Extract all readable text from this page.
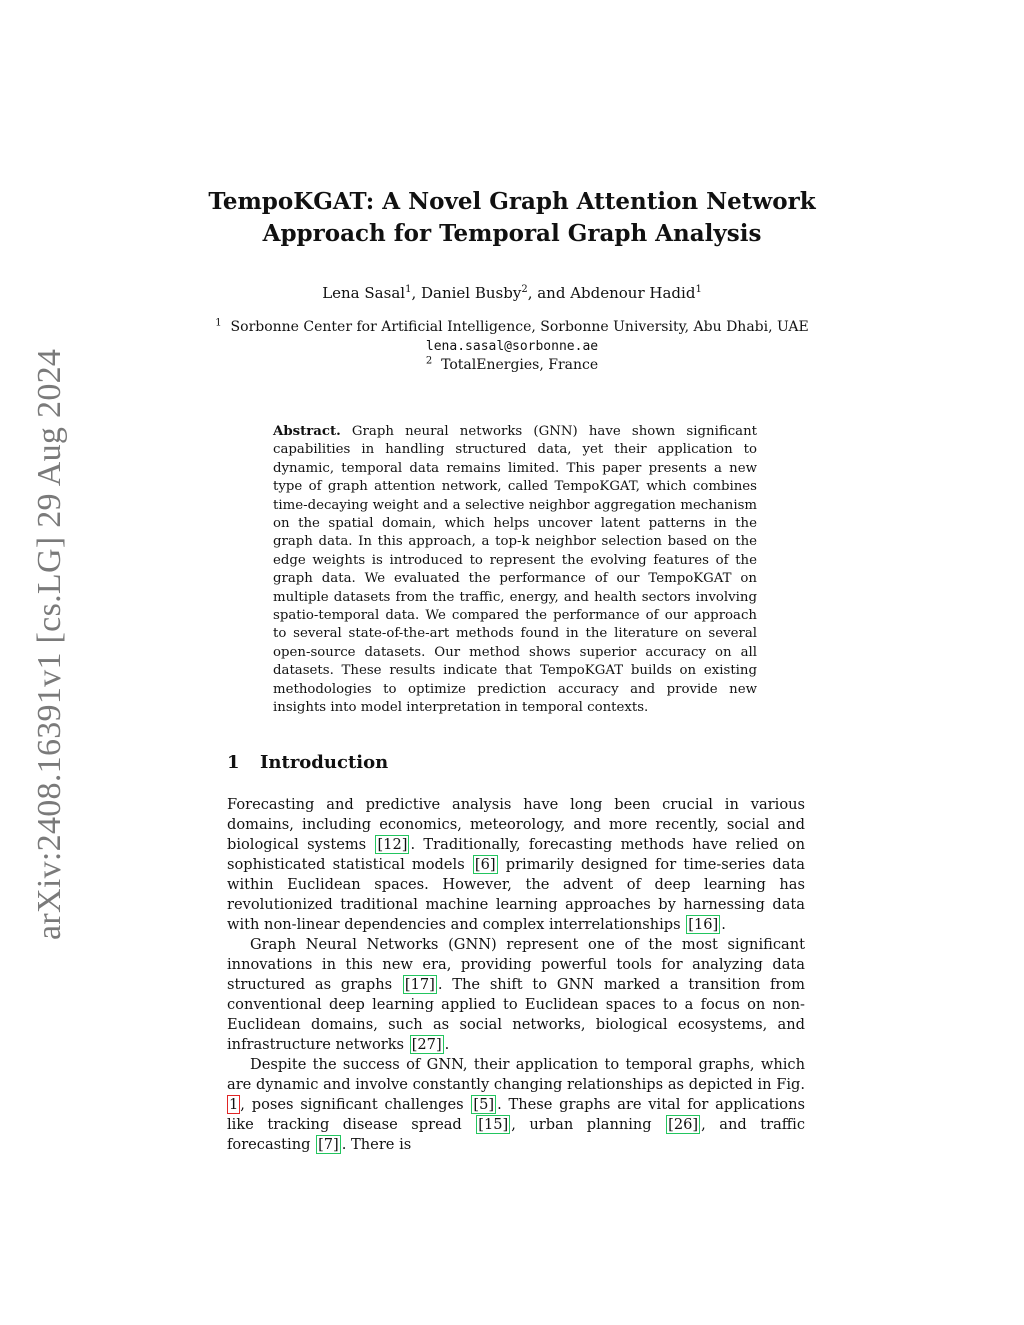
arXiv:2408.16391v1 [cs.LG] 29 Aug 2024
TempoKGAT: A Novel Graph Attention Network
Approach for Temporal Graph Analysis
Lena Sasal$^1$, Daniel Busby$^2$, and Abdenour Hadid$^1$
$^1$ Sorbonne Center for Artificial Intelligence, Sorbonne University, Abu Dhabi, UAE
lena.sasal@sorbonne.ae
$^2$ TotalEnergies, France
Abstract. Graph neural networks (GNN) have shown significant capabilities in handling structured data, yet their application to dynamic, temporal data remains limited. This paper presents a new type of graph attention network, called TempoKGAT, which combines time-decaying weight and a selective neighbor aggregation mechanism on the spatial domain, which helps uncover latent patterns in the graph data. In this approach, a top-k neighbor selection based on the edge weights is introduced to represent the evolving features of the graph data. We evaluated the performance of our TempoKGAT on multiple datasets from the traffic, energy, and health sectors involving spatio-temporal data. We compared the performance of our approach to several state-of-the-art methods found in the literature on several open-source datasets. Our method shows superior accuracy on all datasets. These results indicate that TempoKGAT builds on existing methodologies to optimize prediction accuracy and provide new insights into model interpretation in temporal contexts.
1 Introduction

Forecasting and predictive analysis have long been crucial in various domains, including economics, meteorology, and more recently, social and biological systems [12] . Traditionally, forecasting methods have relied on sophisticated statistical models [6] primarily designed for time-series data within Euclidean spaces. However, the advent of deep learning has revolutionized traditional machine learning approaches by harnessing data with non-linear dependencies and complex interrelationships [16] .

Graph Neural Networks (GNN) represent one of the most significant innovations in this new era, providing powerful tools for analyzing data structured as graphs [17] . The shift to GNN marked a transition from conventional deep learning applied to Euclidean spaces to a focus on non-Euclidean domains, such as social networks, biological ecosystems, and infrastructure networks [27] .

Despite the success of GNN, their application to temporal graphs, which are dynamic and involve constantly changing relationships as depicted in Fig. 1 , poses significant challenges [5] . These graphs are vital for applications like tracking disease spread [15] , urban planning [26] , and traffic forecasting [7] . There is
